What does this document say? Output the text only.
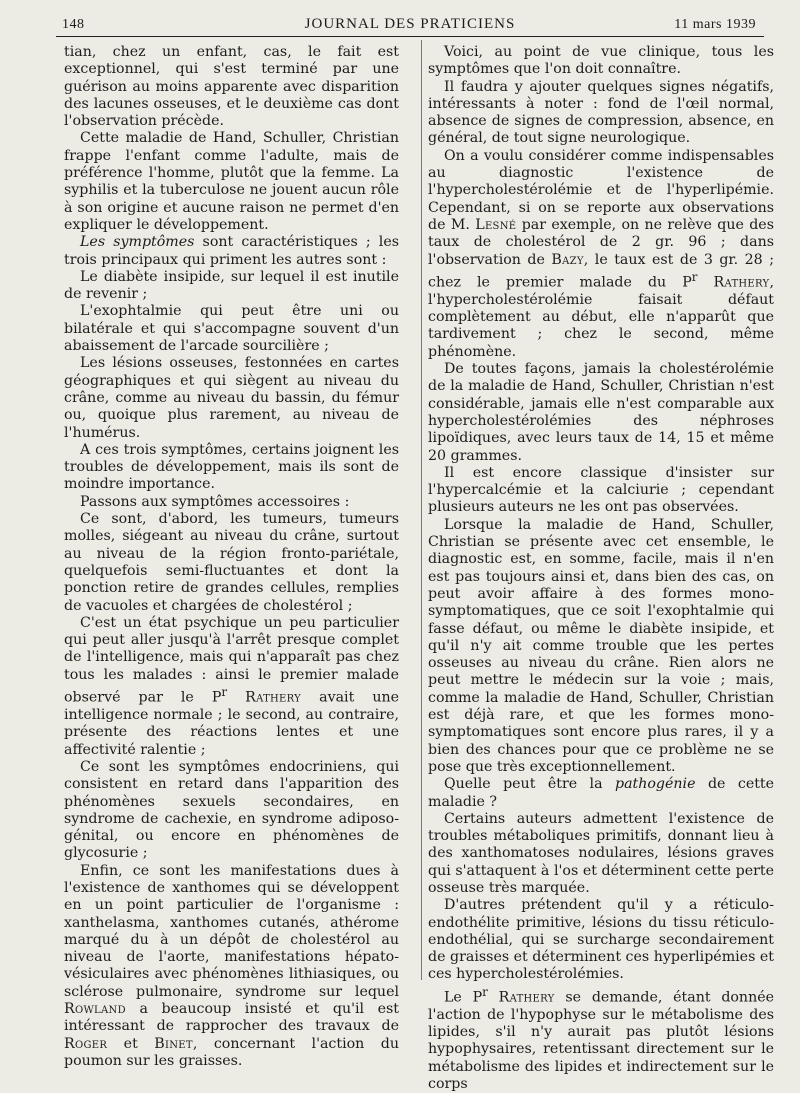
148	JOURNAL DES PRATICIENS	11 mars 1939

tian, chez un enfant, cas, le fait est exceptionnel, qui s'est terminé par une guérison au moins apparente avec disparition des lacunes osseuses, et le deuxième cas dont l'observation précède.

Cette maladie de Hand, Schuller, Christian frappe l'enfant comme l'adulte, mais de préférence l'homme, plutôt que la femme. La syphilis et la tuberculose ne jouent aucun rôle à son origine et aucune raison ne permet d'en expliquer le développement.

Les symptômes sont caractéristiques ; les trois principaux qui priment les autres sont :

Le diabète insipide, sur lequel il est inutile de revenir ;

L'exophtalmie qui peut être uni ou bilatérale et qui s'accompagne souvent d'un abaissement de l'arcade sourcilière ;

Les lésions osseuses, festonnées en cartes géographiques et qui siègent au niveau du crâne, comme au niveau du bassin, du fémur ou, quoique plus rarement, au niveau de l'humérus.

A ces trois symptômes, certains joignent les troubles de développement, mais ils sont de moindre importance.

Passons aux symptômes accessoires :

Ce sont, d'abord, les tumeurs, tumeurs molles, siégeant au niveau du crâne, surtout au niveau de la région fronto-pariétale, quelquefois semi-fluctuantes et dont la ponction retire de grandes cellules, remplies de vacuoles et chargées de cholestérol ;

C'est un état psychique un peu particulier qui peut aller jusqu'à l'arrêt presque complet de l'intelligence, mais qui n'apparaît pas chez tous les malades : ainsi le premier malade observé par le $P^r$ Rathery avait une intelligence normale ; le second, au contraire, présente des réactions lentes et une affectivité ralentie ;

Ce sont les symptômes endocriniens, qui consistent en retard dans l'apparition des phénomènes sexuels secondaires, en syndrome de cachexie, en syndrome adiposo-génital, ou encore en phénomènes de glycosurie ;

Enfin, ce sont les manifestations dues à l'existence de xanthomes qui se développent en un point particulier de l'organisme : xanthelasma, xanthomes cutanés, athérome marqué du à un dépôt de cholestérol au niveau de l'aorte, manifestations hépato-vésiculaires avec phénomènes lithiasiques, ou sclérose pulmonaire, syndrome sur lequel Rowland a beaucoup insisté et qu'il est intéressant de rapprocher des travaux de Roger et Binet, concernant l'action du poumon sur les graisses.

Voici, au point de vue clinique, tous les symptômes que l'on doit connaître.

Il faudra y ajouter quelques signes négatifs, intéressants à noter : fond de l'œil normal, absence de signes de compression, absence, en général, de tout signe neurologique.

On a voulu considérer comme indispensables au diagnostic l'existence de l'hypercholestérolémie et de l'hyperlipémie. Cependant, si on se reporte aux observations de M. Lesné par exemple, on ne relève que des taux de cholestérol de 2 gr. 96 ; dans l'observation de Bazy, le taux est de 3 gr. 28 ; chez le premier malade du $P^r$ Rathery, l'hypercholestérolémie faisait défaut complètement au début, elle n'apparût que tardivement ; chez le second, même phénomène.

De toutes façons, jamais la cholestérolémie de la maladie de Hand, Schuller, Christian n'est considérable, jamais elle n'est comparable aux hypercholestérolémies des néphroses lipoïdiques, avec leurs taux de 14, 15 et même 20 grammes.

Il est encore classique d'insister sur l'hypercalcémie et la calciurie ; cependant plusieurs auteurs ne les ont pas observées.

Lorsque la maladie de Hand, Schuller, Christian se présente avec cet ensemble, le diagnostic est, en somme, facile, mais il n'en est pas toujours ainsi et, dans bien des cas, on peut avoir affaire à des formes mono-symptomatiques, que ce soit l'exophtalmie qui fasse défaut, ou même le diabète insipide, et qu'il n'y ait comme trouble que les pertes osseuses au niveau du crâne. Rien alors ne peut mettre le médecin sur la voie ; mais, comme la maladie de Hand, Schuller, Christian est déjà rare, et que les formes mono-symptomatiques sont encore plus rares, il y a bien des chances pour que ce problème ne se pose que très exceptionnellement.

Quelle peut être la pathogénie de cette maladie ?

Certains auteurs admettent l'existence de troubles métaboliques primitifs, donnant lieu à des xanthomatoses nodulaires, lésions graves qui s'attaquent à l'os et déterminent cette perte osseuse très marquée.

D'autres prétendent qu'il y a réticulo-endothélite primitive, lésions du tissu réticulo-endothélial, qui se surcharge secondairement de graisses et déterminent ces hyperlipémies et ces hypercholestérolémies.

Le $P^r$ Rathery se demande, étant donnée l'action de l'hypophyse sur le métabolisme des lipides, s'il n'y aurait pas plutôt lésions hypophysaires, retentissant directement sur le métabolisme des lipides et indirectement sur le corps
